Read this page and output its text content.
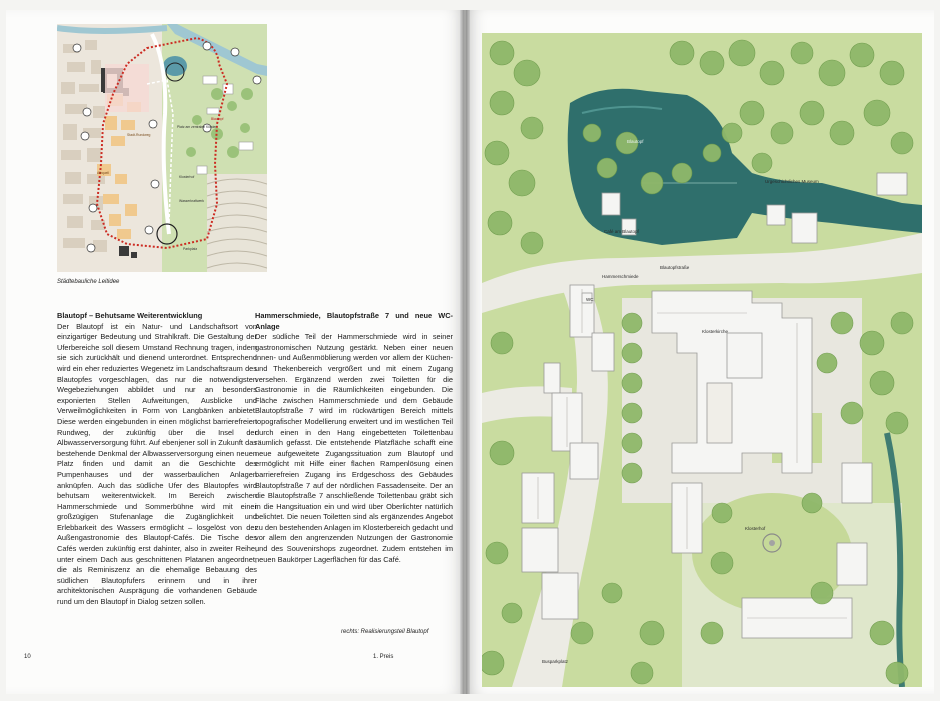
Stadt-Rundweg
Albquell
Blautopf
Platz am zentralen Kloster
Klosterhof
Wasserkraftwerk
Parkplatz
Städtebauliche Leitidee
Blautopf – Behutsame Weiterentwicklung

Der Blautopf ist ein Natur- und Landschaftsort von einzigartiger Bedeutung und Strahlkraft. Die Gestaltung der Uferbereiche soll diesem Umstand Rechnung tragen, indem sie sich zurückhält und dienend unterordnet. Entsprechend wird ein eher reduziertes Wegenetz im Landschaftsraum des Blautopfes vorgeschlagen, das nur die notwendigsten Wegebeziehungen abbildet und nur an besonders exponierten Stellen Aufweitungen, Ausblicke und Verweilmöglichkeiten in Form von Langbänken anbietet. Diese werden eingebunden in einen möglichst barrierefreien Rundweg, der zukünftig über die Insel der Albwasserversorgung führt. Auf ebenjener soll in Zukunft das bestehende Denkmal der Albwasserversorgung einen neuen Platz finden und damit an die Geschichte des Pumpenhauses und der wasserbaulichen Anlagen anknüpfen. Auch das südliche Ufer des Blautopfes wird behutsam weiterentwickelt. Im Bereich zwischen Hammerschmiede und Sommerbühne wird mit einer großzügigen Stufenanlage die Zugänglichkeit und Erlebbarkeit des Wassers ermöglicht – losgelöst von der Außengastronomie des Blautopf-Cafés. Die Tische des Cafés werden zukünftig erst dahinter, also in zweiter Reihe, unter einem Dach aus geschnittenen Platanen angeordnet, die als Reminiszenz an die ehemalige Bebauung des südlichen Blautopfufers erinnern und in ihrer architektonischen Ausprägung die vorhandenen Gebäude rund um den Blautopf in Dialog setzen sollen.

Hammerschmiede, Blautopfstraße 7 und neue WC-Anlage

Der südliche Teil der Hammerschmiede wird in seiner gastronomischen Nutzung gestärkt. Neben einer neuen Innen- und Außenmöblierung werden vor allem der Küchen- und Thekenbereich vergrößert und mit einem Zugang versehen. Ergänzend werden zwei Toiletten für die Gastronomie in die Räumlichkeiten eingebunden. Die Fläche zwischen Hammerschmiede und dem Gebäude Blautopfstraße 7 wird im rückwärtigen Bereich mittels topografischer Modellierung erweitert und im westlichen Teil durch einen in den Hang eingebetteten Toilettenbau räumlich gefasst. Die entstehende Platzfläche schafft eine neue aufgeweitete Zugangssituation zum Blautopf und ermöglicht mit Hilfe einer flachen Rampenlösung einen barrierefreien Zugang ins Erdgeschoss des Gebäudes Blautopfstraße 7 auf der nördlichen Fassadenseite. Der an die Blautopfstraße 7 anschließende Toilettenbau gräbt sich in die Hangsituation ein und wird über Oberlichter natürlich belichtet. Die neuen Toiletten sind als ergänzendes Angebot zu den bestehenden Anlagen im Klosterbereich gedacht und vor allem den angrenzenden Nutzungen der Gastronomie und des Souvenirshops zugeordnet. Zudem entstehen im neuen Baukörper Lagerflächen für das Café.

rechts: Realisierungsteil Blautopf
10	1. Preis
Blautopf
Hammerschmiede
Klosterhof
Blautopfstraße
Café am Blautopf
WC
Klosterkirche
Urgeschichtliches Museum
Busparkplatz
